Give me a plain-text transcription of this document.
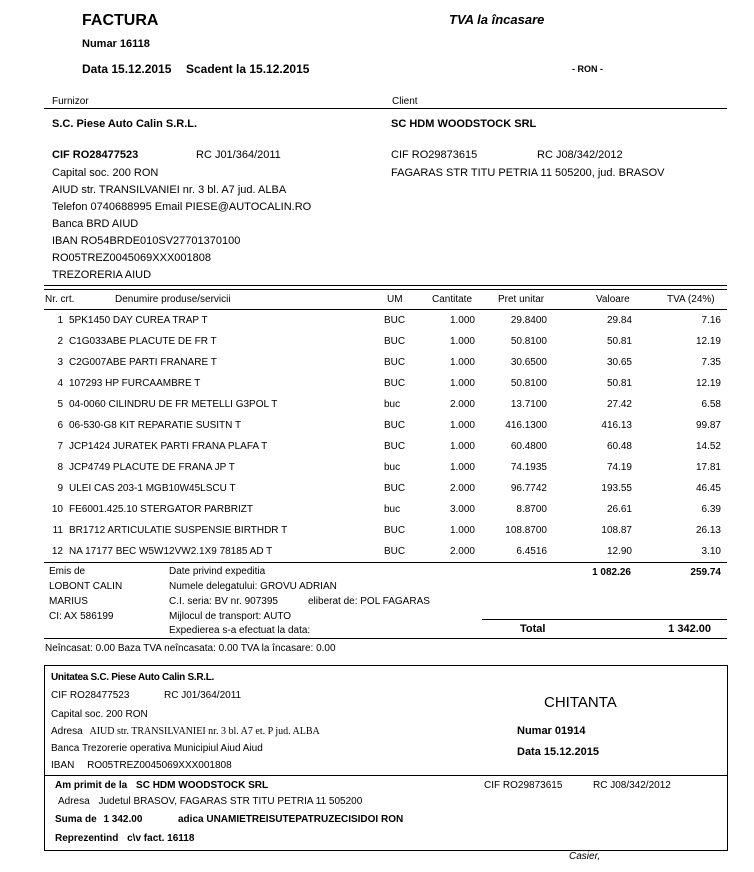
FACTURA	TVA la încasare
Numar 16118
Data 15.12.2015 Scadent la 15.12.2015	- RON -
Furnizor	Client
S.C. Piese Auto Calin S.R.L.
CIF RO28477523	RC J01/364/2011
Capital soc. 200 RON
AIUD str. TRANSILVANIEI nr. 3 bl. A7 jud. ALBA
Telefon 0740688995 Email PIESE@AUTOCALIN.RO
Banca BRD AIUD
IBAN RO54BRDE010SV27701370100
RO05TREZ0045069XXX001808
TREZORERIA AIUD
SC HDM WOODSTOCK SRL
CIF RO29873615	RC J08/342/2012
FAGARAS STR TITU PETRIA 11 505200, jud. BRASOV
Nr. crt.	Denumire produse/servicii	UM	Cantitate	Pret unitar	Valoare	TVA (24%)
1 5PK1450 DAY CUREA TRAP T	BUC	1.000	29.8400	29.84	7.16
2 C1G033ABE PLACUTE DE FR T	BUC	1.000	50.8100	50.81	12.19
3 C2G007ABE PARTI FRANARE T	BUC	1.000	30.6500	30.65	7.35
4 107293 HP FURCAAMBRE T	BUC	1.000	50.8100	50.81	12.19
5 04-0060 CILINDRU DE FR METELLI G3POL T	buc	2.000	13.7100	27.42	6.58
6 06-530-G8 KIT REPARATIE SUSITN T	BUC	1.000	416.1300	416.13	99.87
7 JCP1424 JURATEK PARTI FRANA PLAFA T	BUC	1.000	60.4800	60.48	14.52
8 JCP4749 PLACUTE DE FRANA JP T	buc	1.000	74.1935	74.19	17.81
9 ULEI CAS 203-1 MGB10W45LSCU T	BUC	2.000	96.7742	193.55	46.45
10 FE6001.425.10 STERGATOR PARBRIZT	buc	3.000	8.8700	26.61	6.39
11 BR1712 ARTICULATIE SUSPENSIE BIRTHDR T	BUC	1.000	108.8700	108.87	26.13
12 NA 17177 BEC W5W12VW2.1X9 78185 AD T	BUC	2.000	6.4516	12.90	3.10
Emis de
LOBONT CALIN
MARIUS
CI: AX 586199
Date privind expeditia
Numele delegatului: GROVU ADRIAN
C.I. seria: BV nr. 907395	eliberat de: POL FAGARAS
Mijlocul de transport: AUTO
Expedierea s-a efectuat la data:
1 082.26	259.74
Total	1 342.00
Neîncasat: 0.00 Baza TVA neîncasata: 0.00 TVA la încasare: 0.00
Unitatea S.C. Piese Auto Calin S.R.L.
CIF RO28477523	RC J01/364/2011
Capital soc. 200 RON
Adresa AIUD str. TRANSILVANIEI nr. 3 bl. A7 et. P jud. ALBA
Banca Trezorerie operativa Municipiul Aiud Aiud
IBAN RO05TREZ0045069XXX001808
CHITANTA
Numar 01914
Data 15.12.2015
Am primit de la SC HDM WOODSTOCK SRL	CIF RO29873615	RC J08/342/2012
Adresa Judetul BRASOV, FAGARAS STR TITU PETRIA 11 505200
Suma de 1 342.00	adica UNAMIETREISUTEPATRUZECISIDOI RON
Reprezentind c\v fact. 16118
Casier,
